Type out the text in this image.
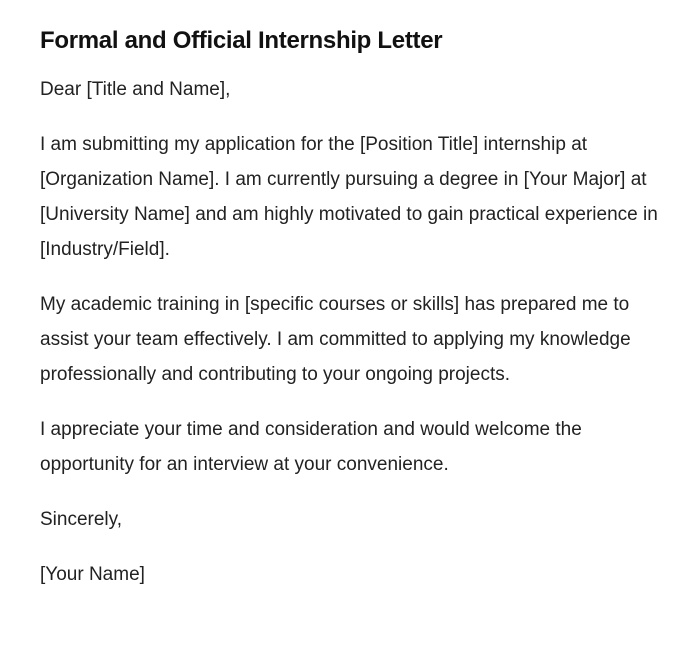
Formal and Official Internship Letter

Dear [Title and Name],

I am submitting my application for the [Position Title] internship at [Organization Name]. I am currently pursuing a degree in [Your Major] at [University Name] and am highly motivated to gain practical experience in [Industry/Field].

My academic training in [specific courses or skills] has prepared me to assist your team effectively. I am committed to applying my knowledge professionally and contributing to your ongoing projects.

I appreciate your time and consideration and would welcome the opportunity for an interview at your convenience.

Sincerely,

[Your Name]
